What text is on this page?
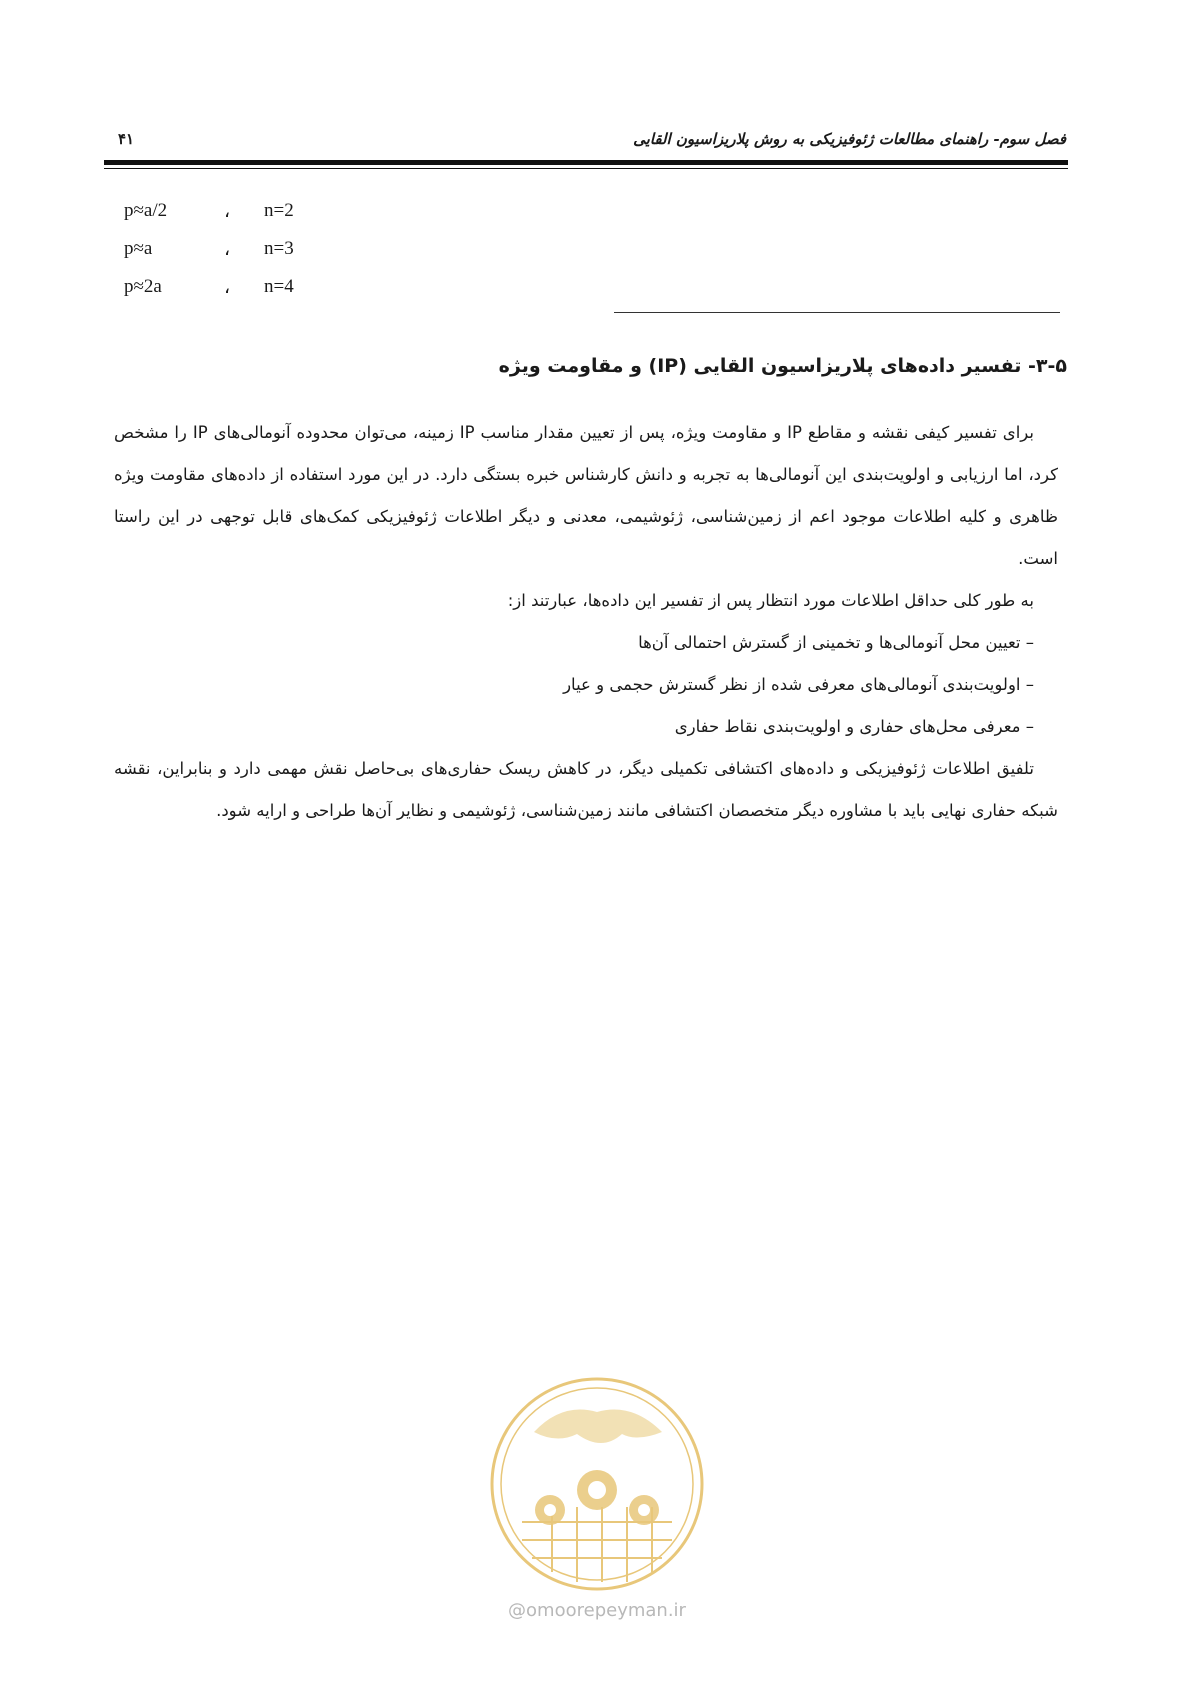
فصل سوم- راهنمای مطالعات ژئوفیزیکی به روش پلاریزاسیون القایی
۴۱
p≈a/2	، n=2
p≈a	، n=3
p≈2a	، n=4
۳-۵- تفسیر داده‌های پلاریزاسیون القایی (IP) و مقاومت ویژه

برای تفسیر کیفی نقشه و مقاطع IP و مقاومت ویژه، پس از تعیین مقدار مناسب IP زمینه، می‌توان محدوده آنومالی‌های IP را مشخص کرد، اما ارزیابی و اولویت‌بندی این آنومالی‌ها به تجربه و دانش کارشناس خبره بستگی دارد. در این مورد استفاده از داده‌های مقاومت ویژه ظاهری و کلیه اطلاعات موجود اعم از زمین‌شناسی، ژئوشیمی، معدنی و دیگر اطلاعات ژئوفیزیکی کمک‌های قابل توجهی در این راستا است.

به طور کلی حداقل اطلاعات مورد انتظار پس از تفسیر این داده‌ها، عبارتند از:

– تعیین محل آنومالی‌ها و تخمینی از گسترش احتمالی آن‌ها
– اولویت‌بندی آنومالی‌های معرفی شده از نظر گسترش حجمی و عیار
– معرفی محل‌های حفاری و اولویت‌بندی نقاط حفاری

تلفیق اطلاعات ژئوفیزیکی و داده‌های اکتشافی تکمیلی دیگر، در کاهش ریسک حفاری‌های بی‌حاصل نقش مهمی دارد و بنابراین، نقشه شبکه حفاری نهایی باید با مشاوره دیگر متخصصان اکتشافی مانند زمین‌شناسی، ژئوشیمی و نظایر آن‌ها طراحی و ارایه شود.

@omoorepeyman.ir
